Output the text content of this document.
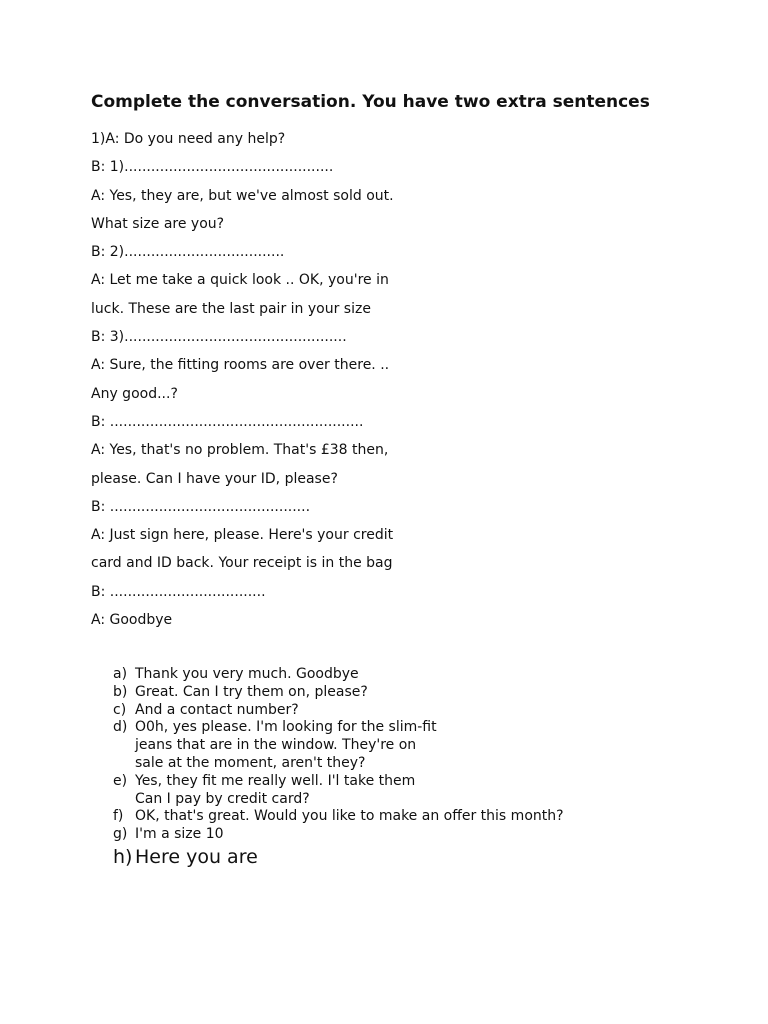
Complete the conversation. You have two extra sentences
1)A: Do you need any help?
B: 1)...............................................
A: Yes, they are, but we've almost sold out.
What size are you?
B: 2)....................................
A: Let me take a quick look .. OK, you're in
luck. These are the last pair in your size
B: 3)..................................................
A: Sure, the fitting rooms are over there. ..
Any good...?
B: .........................................................
A: Yes, that's no problem. That's £38 then,
please. Can I have your ID, please?
B: .............................................
A: Just sign here, please. Here's your credit
card and ID back. Your receipt is in the bag
B: ...................................
A: Goodbye
a) Thank you very much. Goodbye
b) Great. Can I try them on, please?
c) And a contact number?
d) O0h, yes please. I'm looking for the slim-fit jeans that are in the window. They're on sale at the moment, aren't they?
e) Yes, they fit me really well. I'l take them Can I pay by credit card?
f) OK, that's great. Would you like to make an offer this month?
g) I'm a size 10
h) Here you are
